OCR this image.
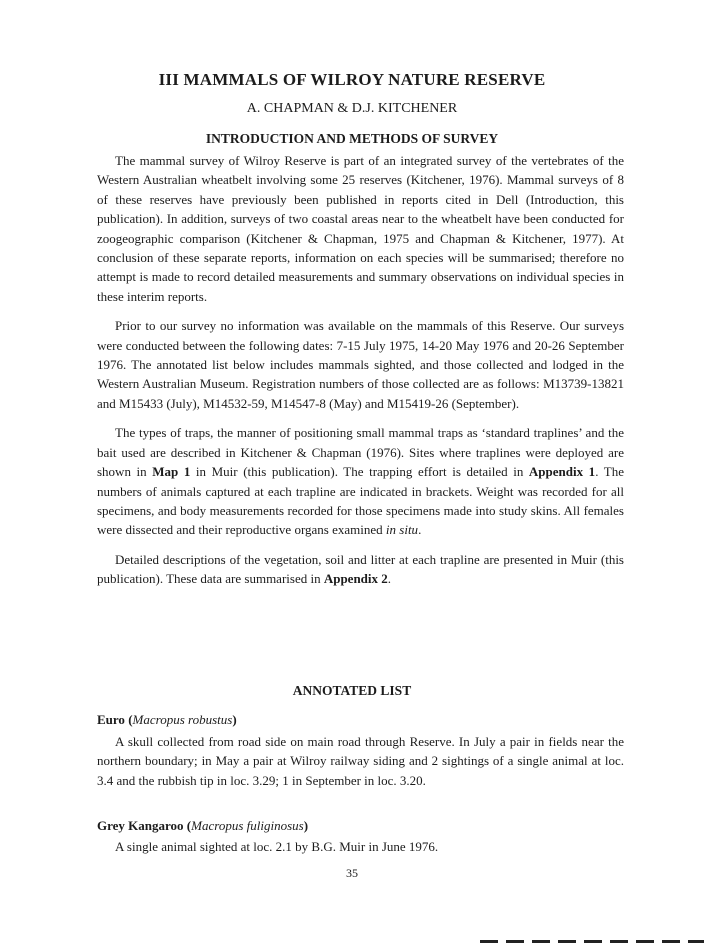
III MAMMALS OF WILROY NATURE RESERVE
A. CHAPMAN & D.J. KITCHENER
INTRODUCTION AND METHODS OF SURVEY

The mammal survey of Wilroy Reserve is part of an integrated survey of the vertebrates of the Western Australian wheatbelt involving some 25 reserves (Kitchener, 1976). Mammal surveys of 8 of these reserves have previously been published in reports cited in Dell (Introduction, this publication). In addition, surveys of two coastal areas near to the wheatbelt have been conducted for zoogeographic comparison (Kitchener & Chapman, 1975 and Chapman & Kitchener, 1977). At conclusion of these separate reports, information on each species will be summarised; therefore no attempt is made to record detailed measurements and summary observations on individual species in these interim reports.

Prior to our survey no information was available on the mammals of this Reserve. Our surveys were conducted between the following dates: 7-15 July 1975, 14-20 May 1976 and 20-26 September 1976. The annotated list below includes mammals sighted, and those collected and lodged in the Western Australian Museum. Registration numbers of those collected are as follows: M13739-13821 and M15433 (July), M14532-59, M14547-8 (May) and M15419-26 (September).

The types of traps, the manner of positioning small mammal traps as ‘standard traplines’ and the bait used are described in Kitchener & Chapman (1976). Sites where traplines were deployed are shown in Map 1 in Muir (this publication). The trapping effort is detailed in Appendix 1. The numbers of animals captured at each trapline are indicated in brackets. Weight was recorded for all specimens, and body measurements recorded for those specimens made into study skins. All females were dissected and their reproductive organs examined in situ.

Detailed descriptions of the vegetation, soil and litter at each trapline are presented in Muir (this publication). These data are summarised in Appendix 2.

ANNOTATED LIST
Euro (Macropus robustus)

A skull collected from road side on main road through Reserve. In July a pair in fields near the northern boundary; in May a pair at Wilroy railway siding and 2 sightings of a single animal at loc. 3.4 and the rubbish tip in loc. 3.29; 1 in September in loc. 3.20.

Grey Kangaroo (Macropus fuliginosus)

A single animal sighted at loc. 2.1 by B.G. Muir in June 1976.

35
